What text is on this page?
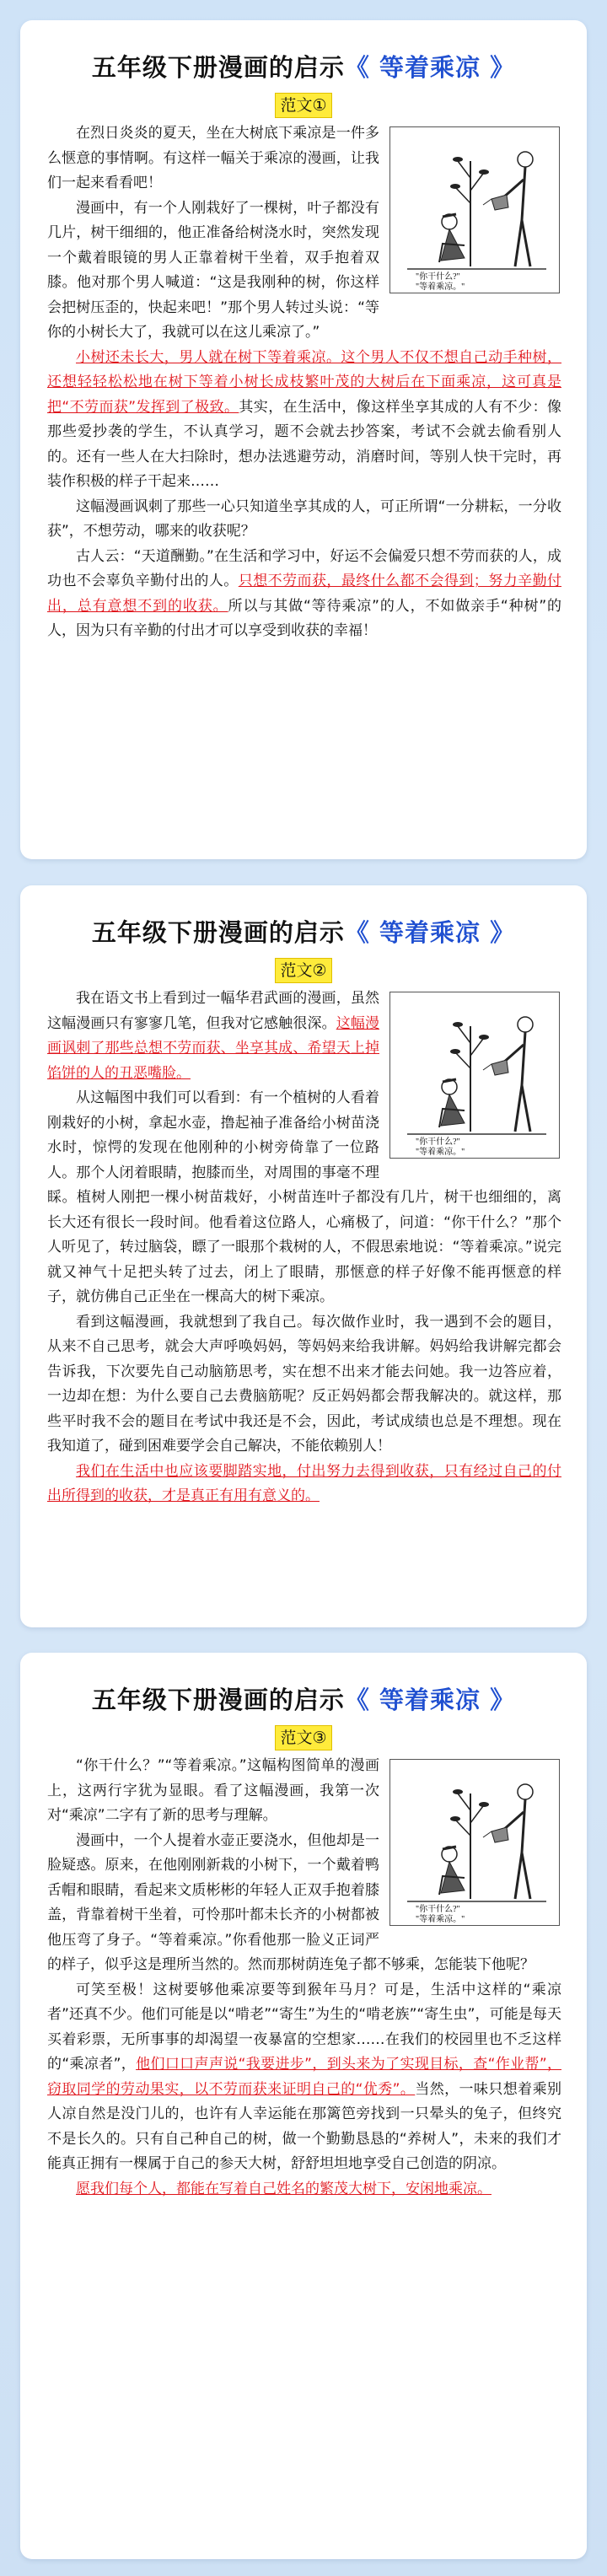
五年级下册漫画的启示《 等着乘凉 》
范文①
"你干什么?"
"等着乘凉。"

在烈日炎炎的夏天，坐在大树底下乘凉是一件多么惬意的事情啊。有这样一幅关于乘凉的漫画，让我们一起来看看吧！

漫画中，有一个人刚栽好了一棵树，叶子都没有几片，树干细细的，他正准备给树浇水时，突然发现一个戴着眼镜的男人正靠着树干坐着，双手抱着双膝。他对那个男人喊道：“这是我刚种的树，你这样会把树压歪的，快起来吧！”那个男人转过头说：“等你的小树长大了，我就可以在这儿乘凉了。”

小树还未长大，男人就在树下等着乘凉。这个男人不仅不想自己动手种树，还想轻轻松松地在树下等着小树长成枝繁叶茂的大树后在下面乘凉，这可真是把“不劳而获”发挥到了极致。其实，在生活中，像这样坐享其成的人有不少：像那些爱抄袭的学生，不认真学习，题不会就去抄答案，考试不会就去偷看别人的。还有一些人在大扫除时，想办法逃避劳动，消磨时间，等别人快干完时，再装作积极的样子干起来……

这幅漫画讽刺了那些一心只知道坐享其成的人，可正所谓“一分耕耘，一分收获”，不想劳动，哪来的收获呢？

古人云：“天道酬勤。”在生活和学习中，好运不会偏爱只想不劳而获的人，成功也不会辜负辛勤付出的人。只想不劳而获，最终什么都不会得到；努力辛勤付出，总有意想不到的收获。所以与其做“等待乘凉”的人，不如做亲手“种树”的人，因为只有辛勤的付出才可以享受到收获的幸福！

五年级下册漫画的启示《 等着乘凉 》
范文②
"你干什么?"
"等着乘凉。"

我在语文书上看到过一幅华君武画的漫画，虽然这幅漫画只有寥寥几笔，但我对它感触很深。这幅漫画讽刺了那些总想不劳而获、坐享其成、希望天上掉馅饼的人的丑恶嘴脸。

从这幅图中我们可以看到：有一个植树的人看着刚栽好的小树，拿起水壶，撸起袖子准备给小树苗浇水时，惊愕的发现在他刚种的小树旁倚靠了一位路人。那个人闭着眼睛，抱膝而坐，对周围的事毫不理睬。植树人刚把一棵小树苗栽好，小树苗连叶子都没有几片，树干也细细的，离长大还有很长一段时间。他看着这位路人，心痛极了，问道：“你干什么？”那个人听见了，转过脑袋，瞟了一眼那个栽树的人，不假思索地说：“等着乘凉。”说完就又神气十足把头转了过去，闭上了眼睛，那惬意的样子好像不能再惬意的样子，就仿佛自己正坐在一棵高大的树下乘凉。

看到这幅漫画，我就想到了我自己。每次做作业时，我一遇到不会的题目，从来不自己思考，就会大声呼唤妈妈，等妈妈来给我讲解。妈妈给我讲解完都会告诉我，下次要先自己动脑筋思考，实在想不出来才能去问她。我一边答应着，一边却在想：为什么要自己去费脑筋呢？反正妈妈都会帮我解决的。就这样，那些平时我不会的题目在考试中我还是不会，因此，考试成绩也总是不理想。现在我知道了，碰到困难要学会自己解决，不能依赖别人！

我们在生活中也应该要脚踏实地，付出努力去得到收获，只有经过自己的付出所得到的收获，才是真正有用有意义的。

五年级下册漫画的启示《 等着乘凉 》
范文③
"你干什么?"
"等着乘凉。"

“你干什么？”“等着乘凉。”这幅构图简单的漫画上，这两行字犹为显眼。看了这幅漫画，我第一次对“乘凉”二字有了新的思考与理解。

漫画中，一个人提着水壶正要浇水，但他却是一脸疑惑。原来，在他刚刚新栽的小树下，一个戴着鸭舌帽和眼睛，看起来文质彬彬的年轻人正双手抱着膝盖，背靠着树干坐着，可怜那叶都未长齐的小树都被他压弯了身子。“等着乘凉。”你看他那一脸义正词严的样子，似乎这是理所当然的。然而那树荫连兔子都不够乘，怎能装下他呢？

可笑至极！这树要够他乘凉要等到猴年马月？可是，生活中这样的“乘凉者”还真不少。他们可能是以“啃老”“寄生”为生的“啃老族”“寄生虫”，可能是每天买着彩票，无所事事的却渴望一夜暴富的空想家……在我们的校园里也不乏这样的“乘凉者”，他们口口声声说“我要进步”，到头来为了实现目标，查“作业帮”，窃取同学的劳动果实，以不劳而获来证明自己的“优秀”。当然，一味只想着乘别人凉自然是没门儿的，也许有人幸运能在那篱笆旁找到一只晕头的兔子，但终究不是长久的。只有自己种自己的树，做一个勤勤恳恳的“养树人”，未来的我们才能真正拥有一棵属于自己的参天大树，舒舒坦坦地享受自己创造的阴凉。

愿我们每个人，都能在写着自己姓名的繁茂大树下，安闲地乘凉。
